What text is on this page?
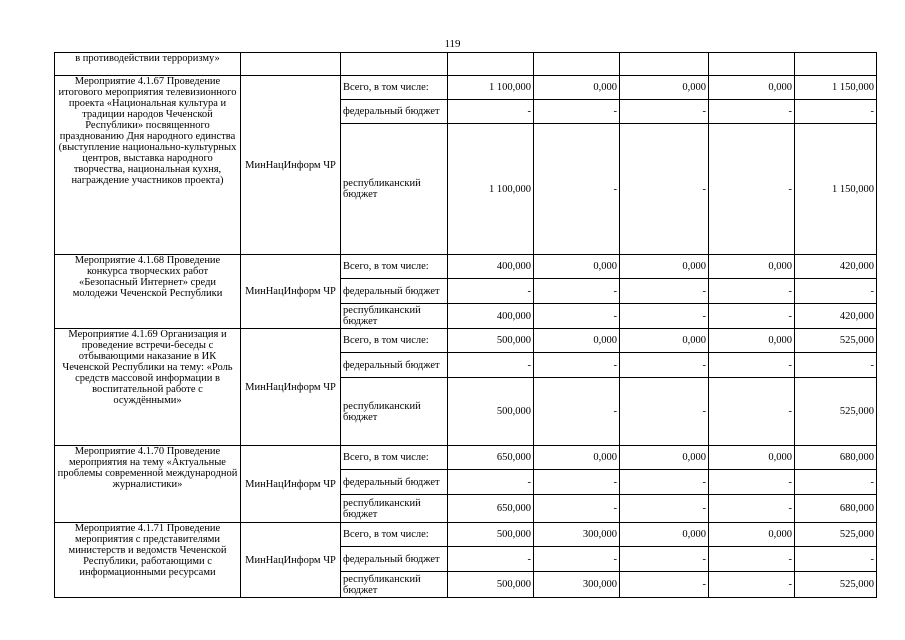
119
в противодействии терроризму»							
Мероприятие 4.1.67 Проведение итогового мероприятия телевизионного проекта «Национальная культура и традиции народов Чеченской Республики» посвященного празднованию Дня народного единства (выступление национально-культурных центров, выставка народного творчества, национальная кухня, награждение участников проекта)	МинНацИнформ ЧР	Всего, в том числе:	1 100,000	0,000	0,000	0,000	1 150,000
		федеральный бюджет	-	-	-	-	-
		республиканский бюджет	1 100,000	-	-	-	1 150,000
Мероприятие 4.1.68 Проведение конкурса творческих работ «Безопасный Интернет» среди молодежи Чеченской Республики	МинНацИнформ ЧР	Всего, в том числе:	400,000	0,000	0,000	0,000	420,000
		федеральный бюджет	-	-	-	-	-
		республиканский бюджет	400,000	-	-	-	420,000
Мероприятие 4.1.69 Организация и проведение встречи-беседы с отбывающими наказание в ИК Чеченской Республики на тему: «Роль средств массовой информации в воспитательной работе с осуждёнными»	МинНацИнформ ЧР	Всего, в том числе:	500,000	0,000	0,000	0,000	525,000
		федеральный бюджет	-	-	-	-	-
		республиканский бюджет	500,000	-	-	-	525,000
Мероприятие 4.1.70 Проведение мероприятия на тему «Актуальные проблемы современной международной журналистики»	МинНацИнформ ЧР	Всего, в том числе:	650,000	0,000	0,000	0,000	680,000
		федеральный бюджет	-	-	-	-	-
		республиканский бюджет	650,000	-	-	-	680,000
Мероприятие 4.1.71 Проведение мероприятия с представителями министерств и ведомств Чеченской Республики, работающими с информационными ресурсами	МинНацИнформ ЧР	Всего, в том числе:	500,000	300,000	0,000	0,000	525,000
		федеральный бюджет	-	-	-	-	-
		республиканский бюджет	500,000	300,000	-	-	525,000
